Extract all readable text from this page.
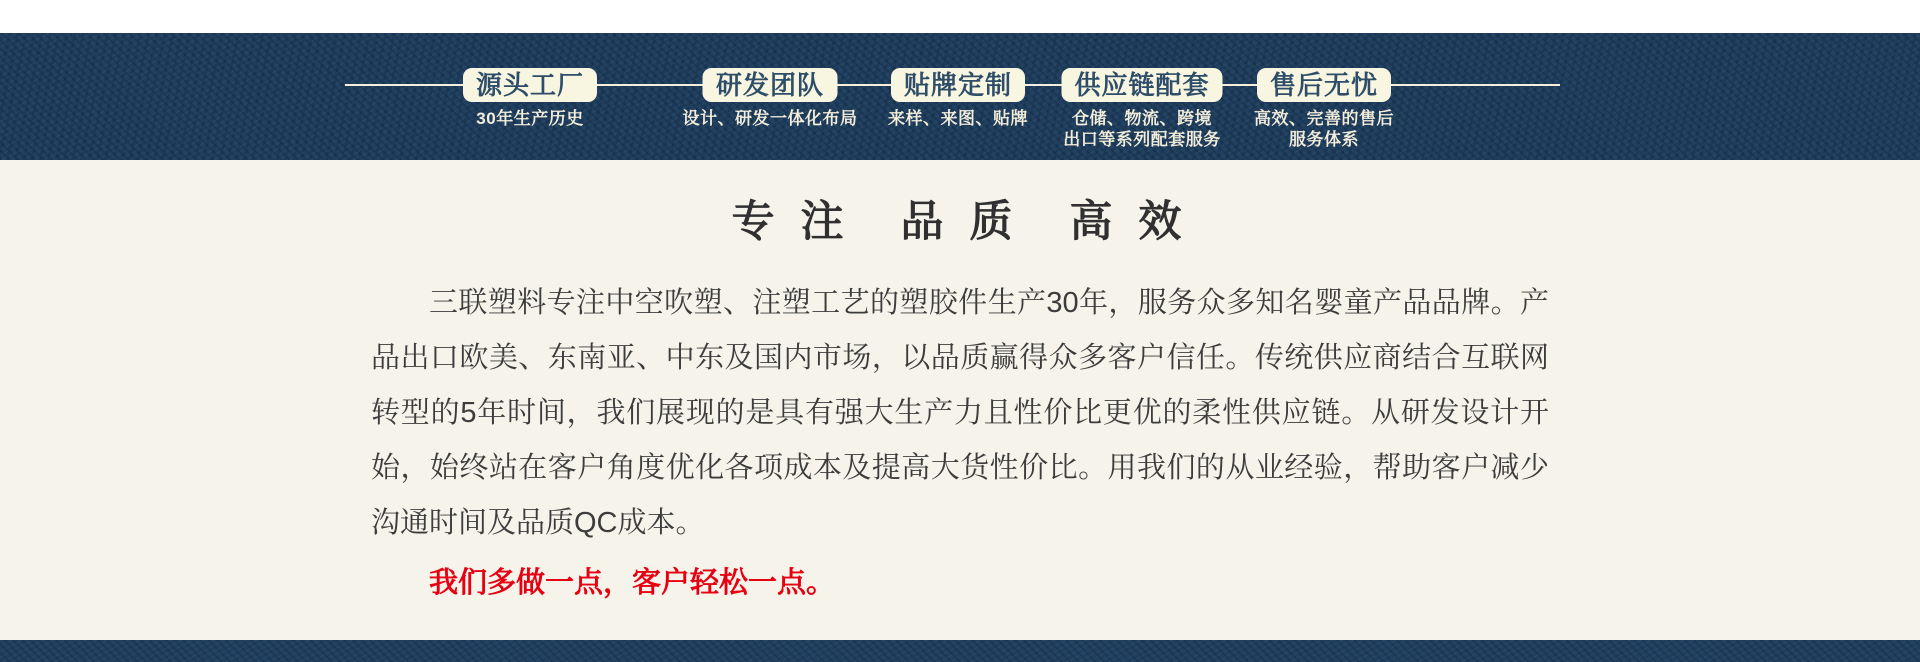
源头工厂
30年生产历史
研发团队
设计、研发一体化布局
贴牌定制
来样、来图、贴牌
供应链配套
仓储、物流、跨境
出口等系列配套服务
售后无忧
高效、完善的售后
服务体系
专 注　品 质　高 效
三联塑料专注中空吹塑、注塑工艺的塑胶件生产30年，服务众多知名婴童产品品牌。产品出口欧美、东南亚、中东及国内市场，以品质赢得众多客户信任。传统供应商结合互联网转型的5年时间，我们展现的是具有强大生产力且性价比更优的柔性供应链。从研发设计开始，始终站在客户角度优化各项成本及提高大货性价比。用我们的从业经验，帮助客户减少沟通时间及品质QC成本。
我们多做一点，客户轻松一点。
